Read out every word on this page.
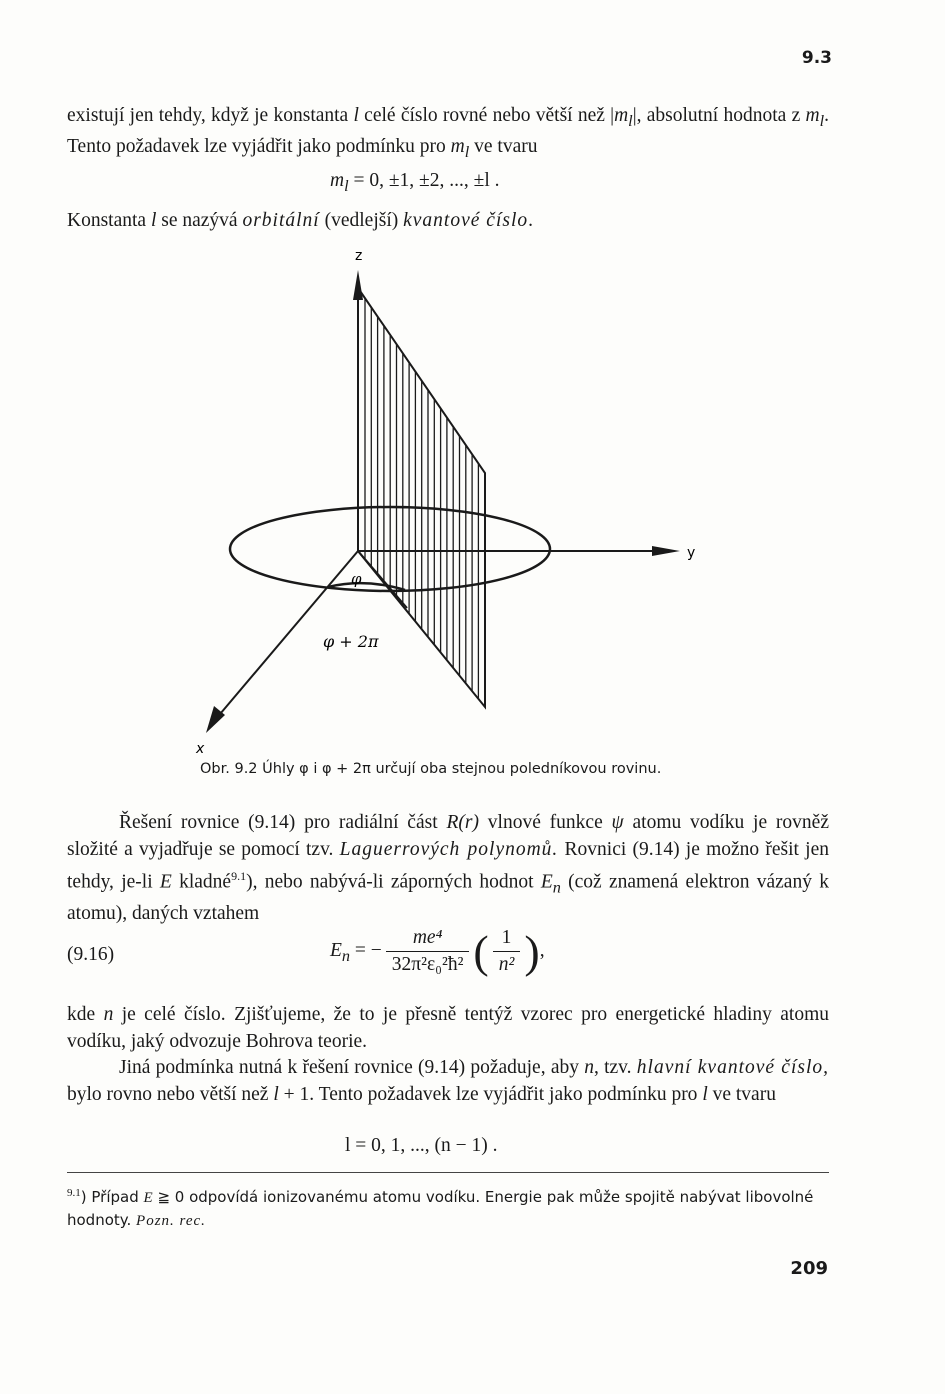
9.3

existují jen tehdy, když je konstanta l celé číslo rovné nebo větší než $|m_l|$, absolutní hodnota z $m_l$. Tento požadavek lze vyjádřit jako podmínku pro $m_l$ ve tvaru

$m_l = 0$, ±1, ±2, ..., ±l .

Konstanta l se nazývá orbitální (vedlejší) kvantové číslo.

z
y
x
φ
φ + 2π
Obr. 9.2 Úhly φ i φ + 2π určují oba stejnou poledníkovou rovinu.

Řešení rovnice (9.14) pro radiální část R(r) vlnové funkce ψ atomu vodíku je rovněž složité a vyjadřuje se pomocí tzv. Laguerrových polynomů. Rovnici (9.14) je možno řešit jen tehdy, je-li E kladné$^{9.1}$), nebo nabývá-li záporných hodnot $E_n$ (což znamená elektron vázaný k atomu), daných vztahem

(9.16)	$E_n$ = − $\frac{\text{me⁴}}{\text{32π²ε₀²ħ²}}$ ( $\frac{1}{\text{n²}}$ ),

kde n je celé číslo. Zjišťujeme, že to je přesně tentýž vzorec pro energetické hladiny atomu vodíku, jaký odvozuje Bohrova teorie.

Jiná podmínka nutná k řešení rovnice (9.14) požaduje, aby n, tzv. hlavní kvantové číslo, bylo rovno nebo větší než l + 1. Tento požadavek lze vyjádřit jako podmínku pro l ve tvaru

l = 0, 1, ..., (n − 1) .

$^{9.1}$) Případ E ≧ 0 odpovídá ionizovanému atomu vodíku. Energie pak může spojitě nabývat libovolné hodnoty. Pozn. rec.

209
